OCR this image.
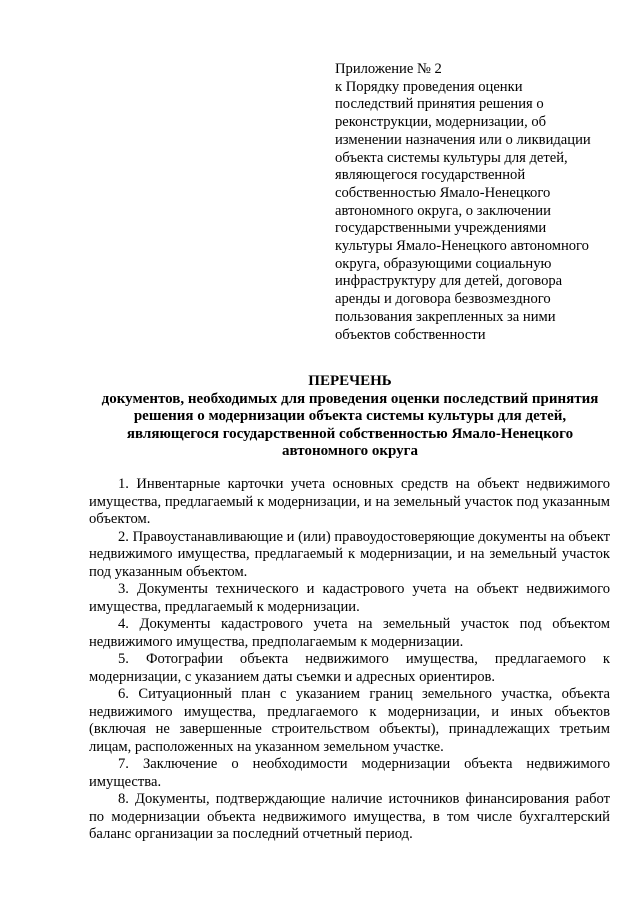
Приложение № 2
к Порядку проведения оценки
последствий принятия решения о
реконструкции, модернизации, об
изменении назначения или о ликвидации
объекта системы культуры для детей,
являющегося государственной
собственностью Ямало-Ненецкого
автономного округа, о заключении
государственными учреждениями
культуры Ямало-Ненецкого автономного
округа, образующими социальную
инфраструктуру для детей, договора
аренды и договора безвозмездного
пользования закрепленных за ними
объектов собственности
ПЕРЕЧЕНЬ
документов, необходимых для проведения оценки последствий принятия
решения о модернизации объекта системы культуры для детей,
являющегося государственной собственностью Ямало-Ненецкого
автономного округа

1. Инвентарные карточки учета основных средств на объект недвижимого имущества, предлагаемый к модернизации, и на земельный участок под указанным объектом.

2. Правоустанавливающие и (или) правоудостоверяющие документы на объект недвижимого имущества, предлагаемый к модернизации, и на земельный участок под указанным объектом.

3. Документы технического и кадастрового учета на объект недвижимого имущества, предлагаемый к модернизации.

4. Документы кадастрового учета на земельный участок под объектом недвижимого имущества, предполагаемым к модернизации.

5. Фотографии объекта недвижимого имущества, предлагаемого к модернизации, с указанием даты съемки и адресных ориентиров.

6. Ситуационный план с указанием границ земельного участка, объекта недвижимого имущества, предлагаемого к модернизации, и иных объектов (включая не завершенные строительством объекты), принадлежащих третьим лицам, расположенных на указанном земельном участке.

7. Заключение о необходимости модернизации объекта недвижимого имущества.

8. Документы, подтверждающие наличие источников финансирования работ по модернизации объекта недвижимого имущества, в том числе бухгалтерский баланс организации за последний отчетный период.
